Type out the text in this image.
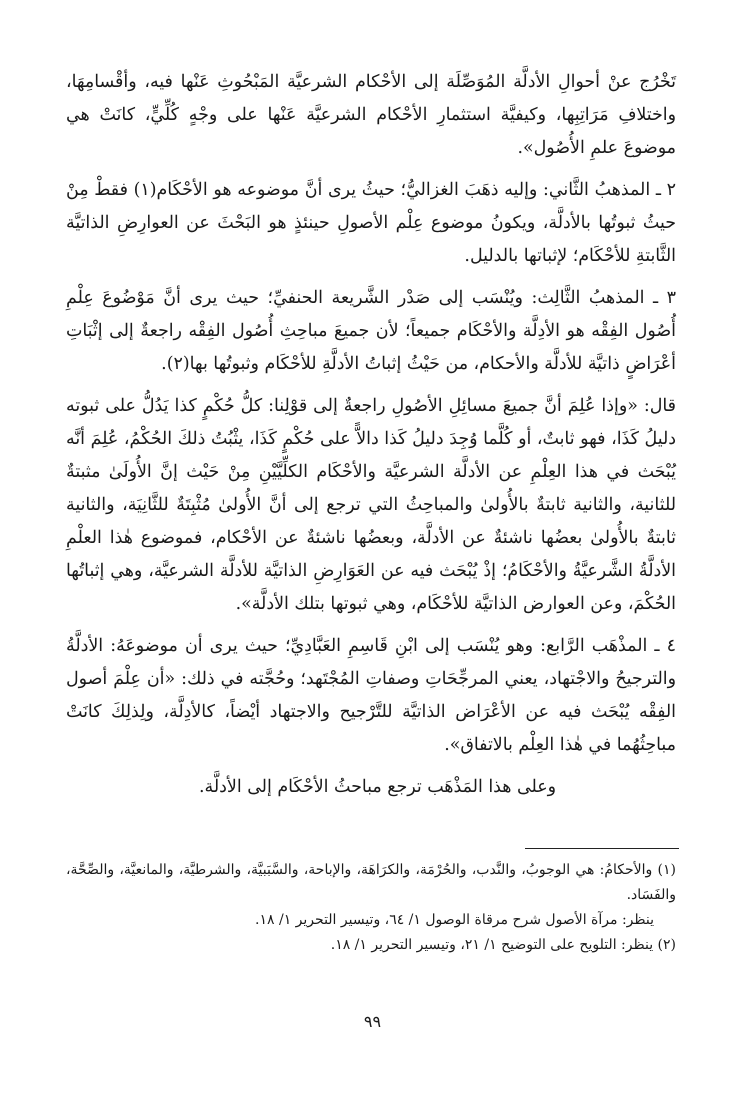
تَخْرُج عنْ أحوالِ الأدلَّة المُوَصِّلَة إلى الأحْكام الشرعيَّة المَبْحُوثِ عَنْها فيه، وأقْسامِهَا، واختلافِ مَرَاتِبِها، وكيفيَّة استثمارِ الأحْكام الشرعيَّة عَنْها على وجْهٍ كُلِّيٍّ، كانَتْ هي موضوعَ علمِ الأُصُول».

٢ ـ المذهبُ الثَّاني: وإليه ذهَبَ الغزاليُّ؛ حيثُ يرى أنَّ موضوعه هو الأحْكَام(١) فقطْ مِنْ حيثُ ثبوتُها بالأدلَّة، ويكونُ موضوع عِلْم الأصولِ حينئذٍ هو البَحْثَ عن العوارِضِ الذاتيَّة الثَّابتةِ للأحْكَام؛ لإثباتها بالدليل.

٣ ـ المذهبُ الثَّالِث: ويُنْسَب إلى صَدْر الشَّريعة الحنفيِّ؛ حيث يرى أنَّ مَوْضُوعَ عِلْمِ أُصُول الفِقْه هو الأدِلَّة والأحْكَام جميعاً؛ لأن جميعَ مباحِثِ أُصُول الفِقْه راجعةٌ إلى إثْبَاتِ أعْرَاضٍ ذاتيَّة للأدلَّة والأحكام، من حَيْثُ إثباتُ الأدلَّةِ للأحْكَام وثبوتُها بها(٢).

قال: «وإذا عُلِمَ أنَّ جميعَ مسائِلِ الأصُولِ راجعةٌ إلى قوْلِنا: كلُّ حُكْمٍ كذا يَدُلُّ على ثبوته دليلُ كَذَا، فهو ثابتٌ، أو كُلَّما وُجِدَ دليلُ كَذا دالاًّ على حُكْمٍ كَذَا، يثْبُتُ ذلكَ الحُكْمُ، عُلِمَ أنَّه يُبْحَث في هذا العِلْمِ عن الأدلَّة الشرعيَّة والأحْكَام الكلِّيَّيْنِ مِنْ حَيْث إنَّ الأُولَىٰ مثبتةٌ للثانية، والثانية ثابتةٌ بالأُولىٰ والمباحِثُ التي ترجع إلى أنَّ الأُولىٰ مُثْبِتَةٌ للثَّانِيَة، والثانية ثابتةٌ بالأُولىٰ بعضُها ناشئةٌ عن الأدلَّة، وبعضُها ناشئةٌ عن الأحْكام، فموضوع هٰذا العلْمِ الأدلَّةُ الشَّرعيَّةُ والأحْكَامُ؛ إذْ يُبْحَث فيه عن العَوَارِضِ الذاتيَّة للأدلَّة الشرعيَّة، وهي إثباتُها الحُكْمَ، وعن العوارض الذاتيَّة للأحْكَام، وهي ثبوتها بتلك الأدلَّة».

٤ ـ المذْهَب الرَّابع: وهو يُنْسَب إلى ابْنِ قَاسِمِ العَبَّادِيِّ؛ حيث يرى أن موضوعَهُ: الأدلَّةُ والترجيحُ والاجْتهاد، يعني المرجِّحَاتِ وصفاتِ المُجْتَهد؛ وحُجَّته في ذلك: «أن عِلْمَ أصول الفِقْه يُبْحَث فيه عن الأعْرَاض الذاتيَّة للتَّرْجيح والاجتهاد أيْضاً، كالأدِلَّة، ولِذلِكَ كانَتْ مباحِثُهُما في هٰذا العِلْم بالاتفاق».

وعلى هذا المَذْهَب ترجع مباحثُ الأحْكَام إلى الأدلَّة.

(١) والأحكامُ: هي الوجوبُ، والنَّدب، والحُرْمَة، والكرَاهَة، والإباحة، والسَّبَبيَّة، والشرطيَّة، والمانعيَّة، والصِّحَّة، والفَسَاد.

ينظر: مرآة الأصول شرح مرقاة الوصول ١/ ٦٤، وتيسير التحرير ١/ ١٨.

(٢) ينظر: التلويح على التوضيح ١/ ٢١، وتيسير التحرير ١/ ١٨.

٩٩
